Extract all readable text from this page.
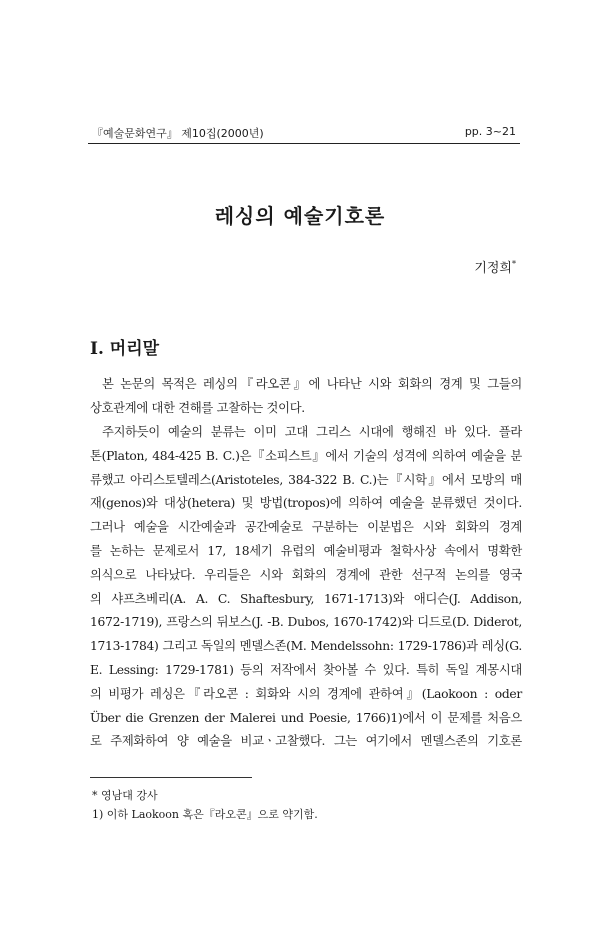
『예술문화연구』 제10집(2000년)	pp. 3~21
레싱의 예술기호론
기정희*
I. 머리말
본 논문의 목적은 레싱의『라오콘』에 나타난 시와 회화의 경계 및 그들의
상호관계에 대한 견해를 고찰하는 것이다.
주지하듯이 예술의 분류는 이미 고대 그리스 시대에 행해진 바 있다. 플라
톤(Platon, 484-425 B. C.)은『소피스트』에서 기술의 성격에 의하여 예술을 분
류했고 아리스토텔레스(Aristoteles, 384-322 B. C.)는『시학』에서 모방의 매
재(genos)와 대상(hetera) 및 방법(tropos)에 의하여 예술을 분류했던 것이다.
그러나 예술을 시간예술과 공간예술로 구분하는 이분법은 시와 회화의 경계
를 논하는 문제로서 17, 18세기 유럽의 예술비평과 철학사상 속에서 명확한
의식으로 나타났다. 우리들은 시와 회화의 경계에 관한 선구적 논의를 영국
의 샤프츠베리(A. A. C. Shaftesbury, 1671-1713)와 애디슨(J. Addison,
1672-1719), 프랑스의 뒤보스(J. -B. Dubos, 1670-1742)와 디드로(D. Diderot,
1713-1784) 그리고 독일의 멘델스존(M. Mendelssohn: 1729-1786)과 레싱(G.
E. Lessing: 1729-1781) 등의 저작에서 찾아볼 수 있다. 특히 독일 계몽시대
의 비평가 레싱은『라오콘 : 회화와 시의 경계에 관하여』(Laokoon : oder
Über die Grenzen der Malerei und Poesie, 1766)1)에서 이 문제를 처음으
로 주제화하여 양 예술을 비교ㆍ고찰했다. 그는 여기에서 멘델스존의 기호론
* 영남대 강사
1) 이하 Laokoon 혹은『라오콘』으로 약기함.
